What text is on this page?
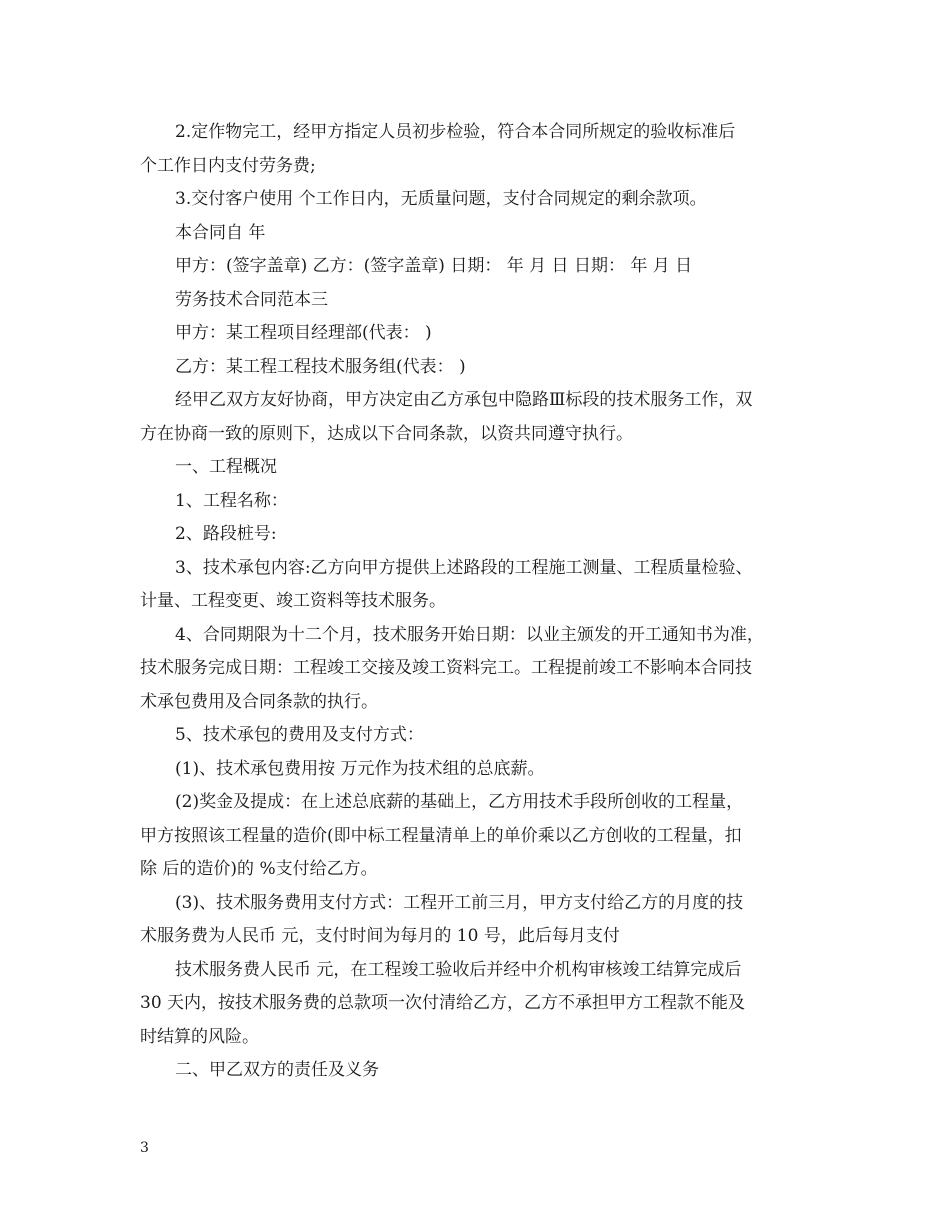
2.定作物完工，经甲方指定人员初步检验，符合本合同所规定的验收标准后
个工作日内支付劳务费;
3.交付客户使用 个工作日内，无质量问题，支付合同规定的剩余款项。
本合同自 年
甲方：(签字盖章) 乙方：(签字盖章) 日期： 年 月 日 日期： 年 月 日
劳务技术合同范本三
甲方：某工程项目经理部(代表： )
乙方：某工程工程技术服务组(代表： )
经甲乙双方友好协商，甲方决定由乙方承包中隐路Ⅲ标段的技术服务工作，双
方在协商一致的原则下，达成以下合同条款，以资共同遵守执行。
一、工程概况
1、工程名称：
2、路段桩号:
3、技术承包内容:乙方向甲方提供上述路段的工程施工测量、工程质量检验、
计量、工程变更、竣工资料等技术服务。
4、合同期限为十二个月，技术服务开始日期：以业主颁发的开工通知书为准，
技术服务完成日期：工程竣工交接及竣工资料完工。工程提前竣工不影响本合同技
术承包费用及合同条款的执行。
5、技术承包的费用及支付方式：
(1)、技术承包费用按 万元作为技术组的总底薪。
(2)奖金及提成：在上述总底薪的基础上，乙方用技术手段所创收的工程量，
甲方按照该工程量的造价(即中标工程量清单上的单价乘以乙方创收的工程量，扣
除 后的造价)的 %支付给乙方。
(3)、技术服务费用支付方式：工程开工前三月，甲方支付给乙方的月度的技
术服务费为人民币 元，支付时间为每月的 10 号，此后每月支付
技术服务费人民币 元，在工程竣工验收后并经中介机构审核竣工结算完成后
30 天内，按技术服务费的总款项一次付清给乙方，乙方不承担甲方工程款不能及
时结算的风险。
二、甲乙双方的责任及义务
3
